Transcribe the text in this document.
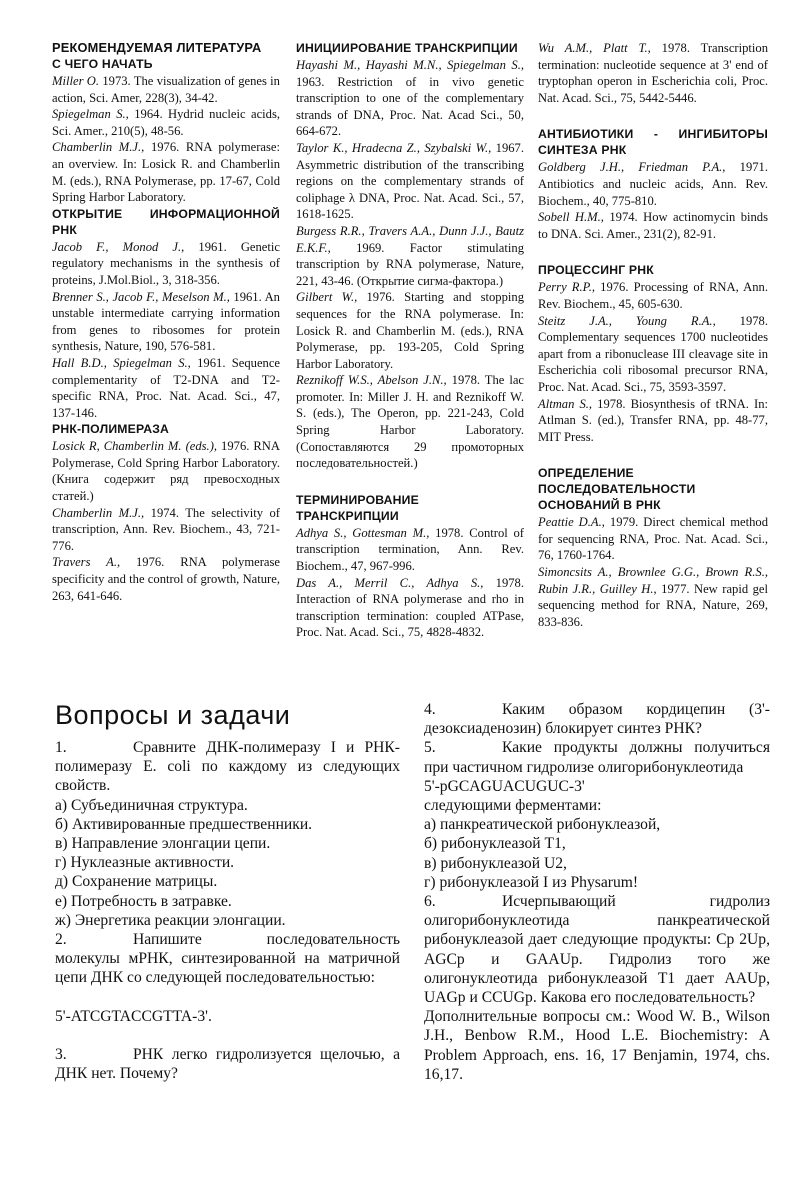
РЕКОМЕНДУЕМАЯ ЛИТЕРАТУРА
С ЧЕГО НАЧАТЬ

Miller O. 1973. The visualization of genes in action, Sci. Amer, 228(3), 34-42.

Spiegelman S., 1964. Hydrid nucleic acids, Sci. Amer., 210(5), 48-56.

Chamberlin M.J., 1976. RNA polymerase: an overview. In: Losick R. and Chamberlin M. (eds.), RNA Polymerase, pp. 17-67, Cold Spring Harbor Laboratory.

ОТКРЫТИЕ ИНФОРМАЦИОННОЙ РНК

Jacob F., Monod J., 1961. Genetic regulatory mechanisms in the synthesis of proteins, J.Mol.Biol., 3, 318-356.

Brenner S., Jacob F., Meselson M., 1961. An unstable intermediate carrying information from genes to ribosomes for protein synthesis, Nature, 190, 576-581.

Hall B.D., Spiegelman S., 1961. Sequence complementarity of T2-DNA and T2-specific RNA, Proc. Nat. Acad. Sci., 47, 137-146.

РНК-ПОЛИМЕРАЗА

Losick R, Chamberlin M. (eds.), 1976. RNA Polymerase, Cold Spring Harbor Laboratory. (Книга содержит ряд превосходных статей.)

Chamberlin M.J., 1974. The selectivity of transcription, Ann. Rev. Biochem., 43, 721-776.

Travers A., 1976. RNA polymerase specificity and the control of growth, Nature, 263, 641-646.

ИНИЦИИРОВАНИЕ ТРАНСКРИПЦИИ

Hayashi M., Hayashi M.N., Spiegelman S., 1963. Restriction of in vivo genetic transcription to one of the complementary strands of DNA, Proc. Nat. Acad Sci., 50, 664-672.

Taylor K., Hradecna Z., Szybalski W., 1967. Asymmetric distribution of the transcribing regions on the complementary strands of coliphage λ DNA, Proc. Nat. Acad. Sci., 57, 1618-1625.

Burgess R.R., Travers A.A., Dunn J.J., Bautz E.K.F., 1969. Factor stimulating transcription by RNA polymerase, Nature, 221, 43-46. (Открытие сигма-фактора.)

Gilbert W., 1976. Starting and stopping sequences for the RNA polymerase. In: Losick R. and Chamberlin M. (eds.), RNA Polymerase, pp. 193-205, Cold Spring Harbor Laboratory.

Reznikoff W.S., Abelson J.N., 1978. The lac promoter. In: Miller J. H. and Reznikoff W. S. (eds.), The Operon, pp. 221-243, Cold Spring Harbor Laboratory. (Сопоставляются 29 промоторных последовательностей.)

ТЕРМИНИРОВАНИЕ ТРАНСКРИПЦИИ

Adhya S., Gottesman M., 1978. Control of transcription termination, Ann. Rev. Biochem., 47, 967-996.

Das A., Merril C., Adhya S., 1978. Interaction of RNA polymerase and rho in transcription termination: coupled ATPase, Proc. Nat. Acad. Sci., 75, 4828-4832.

Wu A.M., Platt T., 1978. Transcription termination: nucleotide sequence at 3' end of tryptophan operon in Escherichia coli, Proc. Nat. Acad. Sci., 75, 5442-5446.

АНТИБИОТИКИ - ИНГИБИТОРЫ СИНТЕЗА РНК

Goldberg J.H., Friedman P.A., 1971. Antibiotics and nucleic acids, Ann. Rev. Biochem., 40, 775-810.

Sobell H.M., 1974. How actinomycin binds to DNA. Sci. Amer., 231(2), 82-91.

ПРОЦЕССИНГ РНК

Perry R.P., 1976. Processing of RNA, Ann. Rev. Biochem., 45, 605-630.

Steitz J.A., Young R.A., 1978. Complementary sequences 1700 nucleotides apart from a ribonuclease III cleavage site in Escherichia coli ribosomal precursor RNA, Proc. Nat. Acad. Sci., 75, 3593-3597.

Altman S., 1978. Biosynthesis of tRNA. In: Atlman S. (ed.), Transfer RNA, pp. 48-77, MIT Press.

ОПРЕДЕЛЕНИЕ ПОСЛЕДОВАТЕЛЬНОСТИ ОСНОВАНИЙ В РНК

Peattie D.A., 1979. Direct chemical method for sequencing RNA, Proc. Nat. Acad. Sci., 76, 1760-1764.

Simoncsits A., Brownlee G.G., Brown R.S., Rubin J.R., Guilley H., 1977. New rapid gel sequencing method for RNA, Nature, 269, 833-836.

Вопросы и задачи

1.	Сравните ДНК-полимеразу I и РНК-полимеразу E. coli по каждому из следующих свойств.

а) Субъединичная структура.

б) Активированные предшественники.

в) Направление элонгации цепи.

г) Нуклеазные активности.

д) Сохранение матрицы.

е) Потребность в затравке.

ж) Энергетика реакции элонгации.

2.	Напишите последовательность молекулы мРНК, синтезированной на матричной цепи ДНК со следующей последовательностью:

5'-ATCGTACCGTTA-3'.

3.	РНК легко гидролизуется щелочью, а ДНК нет. Почему?

4.	Каким образом кордицепин (3'-дезоксиаденозин) блокирует синтез РНК?

5.	Какие продукты должны получиться при частичном гидролизе олигорибонуклеотида

5'-pGCAGUACUGUC-3'

следующими ферментами:

а) панкреатической рибонуклеазой,

б) рибонуклеазой T1,

в) рибонуклеазой U2,

г) рибонуклеазой I из Physarum!

6.	Исчерпывающий гидролиз олигорибонуклеотида панкреатической рибонуклеазой дает следующие продукты: Cp 2Up, AGCp и GAAUp. Гидролиз того же олигонуклеотида рибонуклеазой T1 дает AAUp, UAGp и CCUGp. Какова его последовательность?

Дополнительные вопросы см.: Wood W. B., Wilson J.H., Benbow R.M., Hood L.E. Biochemistry: A Problem Approach, ens. 16, 17 Benjamin, 1974, chs. 16,17.
